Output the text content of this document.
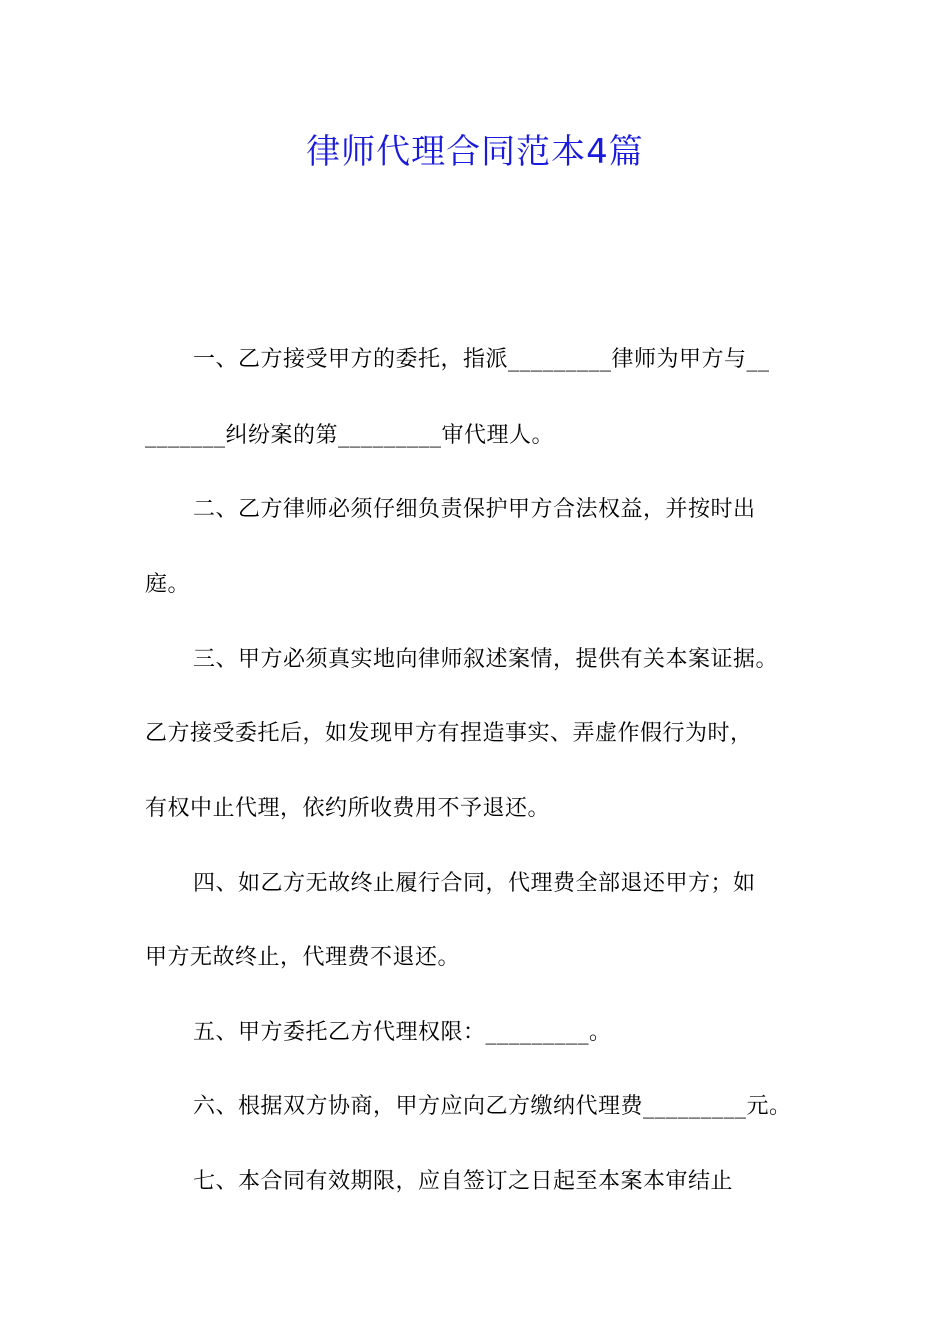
律师代理合同范本4篇
一、乙方接受甲方的委托，指派_________律师为甲方与__
_______纠纷案的第_________审代理人。
二、乙方律师必须仔细负责保护甲方合法权益，并按时出
庭。
三、甲方必须真实地向律师叙述案情，提供有关本案证据。
乙方接受委托后，如发现甲方有捏造事实、弄虚作假行为时，
有权中止代理，依约所收费用不予退还。
四、如乙方无故终止履行合同，代理费全部退还甲方；如
甲方无故终止，代理费不退还。
五、甲方委托乙方代理权限：_________。
六、根据双方协商，甲方应向乙方缴纳代理费_________元。
七、本合同有效期限，应自签订之日起至本案本审结止
